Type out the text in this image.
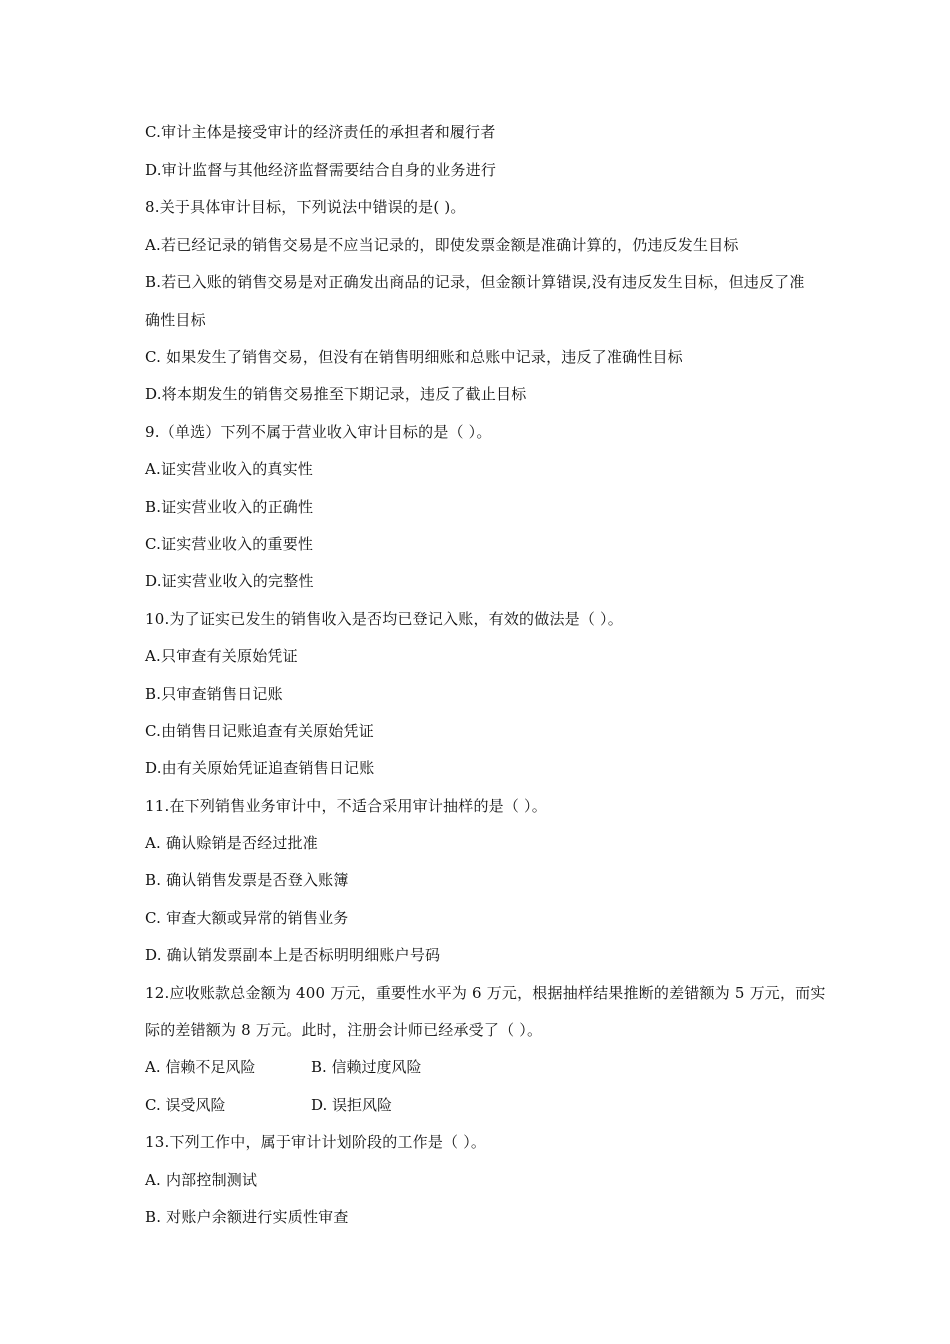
C.审计主体是接受审计的经济责任的承担者和履行者
D.审计监督与其他经济监督需要结合自身的业务进行
8.关于具体审计目标，下列说法中错误的是( )。
A.若已经记录的销售交易是不应当记录的，即使发票金额是准确计算的，仍违反发生目标
B.若已入账的销售交易是对正确发出商品的记录，但金额计算错误,没有违反发生目标，但违反了准
确性目标
C. 如果发生了销售交易，但没有在销售明细账和总账中记录，违反了准确性目标
D.将本期发生的销售交易推至下期记录，违反了截止目标
9.（单选）下列不属于营业收入审计目标的是（ ）。
A.证实营业收入的真实性
B.证实营业收入的正确性
C.证实营业收入的重要性
D.证实营业收入的完整性
10.为了证实已发生的销售收入是否均已登记入账，有效的做法是（ ）。
A.只审查有关原始凭证
B.只审查销售日记账
C.由销售日记账追查有关原始凭证
D.由有关原始凭证追查销售日记账
11.在下列销售业务审计中，不适合采用审计抽样的是（ ）。
A. 确认赊销是否经过批准
B. 确认销售发票是否登入账簿
C. 审查大额或异常的销售业务
D. 确认销发票副本上是否标明明细账户号码
12.应收账款总金额为 400 万元，重要性水平为 6 万元，根据抽样结果推断的差错额为 5 万元，而实
际的差错额为 8 万元。此时，注册会计师已经承受了（ ）。
A. 信赖不足风险	B. 信赖过度风险
C. 误受风险	D. 误拒风险
13.下列工作中，属于审计计划阶段的工作是（ ）。
A. 内部控制测试
B. 对账户余额进行实质性审查
